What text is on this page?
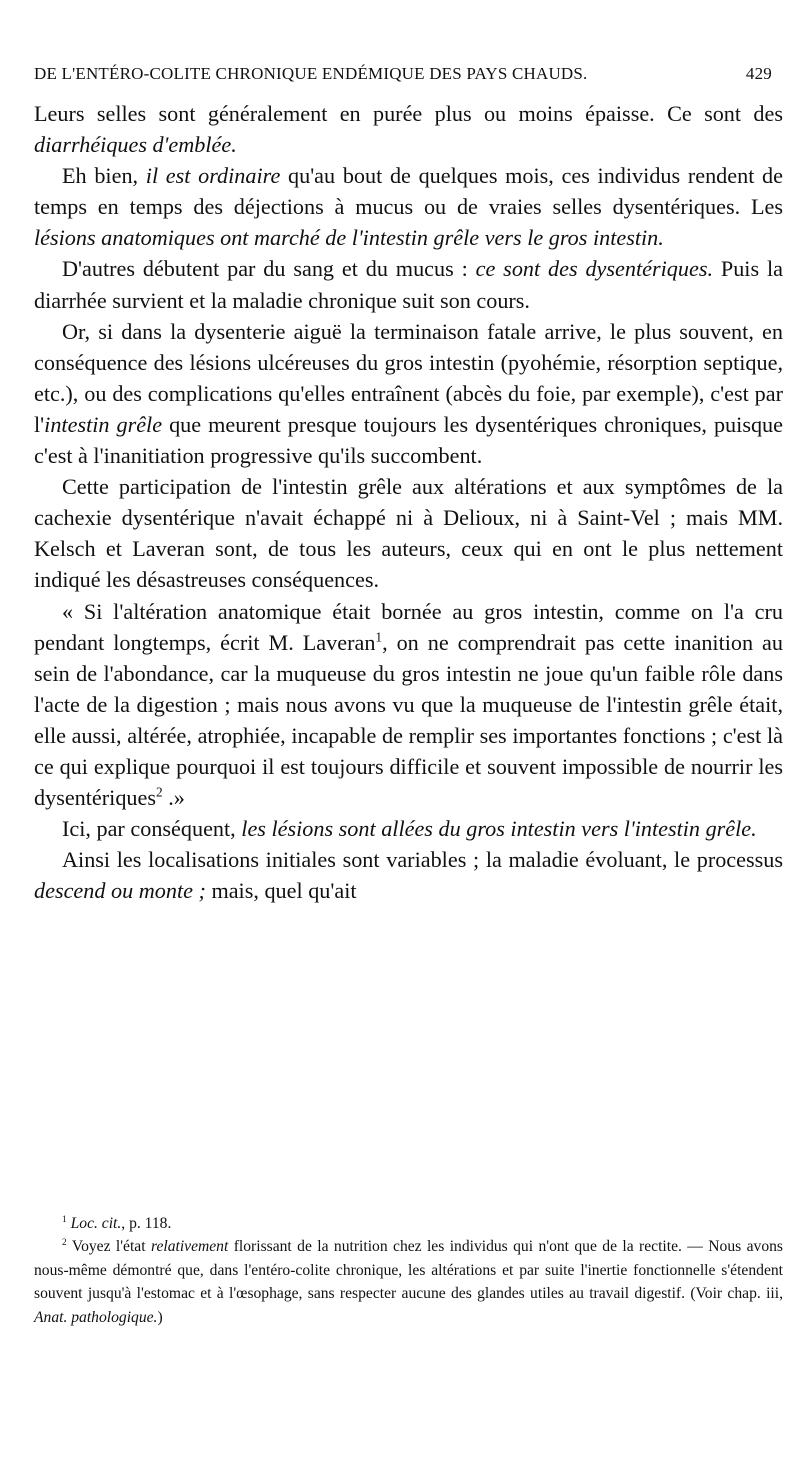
DE L'ENTÉRO-COLITE CHRONIQUE ENDÉMIQUE DES PAYS CHAUDS.	429

Leurs selles sont généralement en purée plus ou moins épaisse. Ce sont des diarrhéiques d'emblée.

Eh bien, il est ordinaire qu'au bout de quelques mois, ces individus rendent de temps en temps des déjections à mucus ou de vraies selles dysentériques. Les lésions anatomiques ont marché de l'intestin grêle vers le gros intestin.

D'autres débutent par du sang et du mucus : ce sont des dysentériques. Puis la diarrhée survient et la maladie chronique suit son cours.

Or, si dans la dysenterie aiguë la terminaison fatale arrive, le plus souvent, en conséquence des lésions ulcéreuses du gros intestin (pyohémie, résorption septique, etc.), ou des complications qu'elles entraînent (abcès du foie, par exemple), c'est par l'intestin grêle que meurent presque toujours les dysentériques chroniques, puisque c'est à l'inanitiation progressive qu'ils succombent.

Cette participation de l'intestin grêle aux altérations et aux symptômes de la cachexie dysentérique n'avait échappé ni à Delioux, ni à Saint-Vel ; mais MM. Kelsch et Laveran sont, de tous les auteurs, ceux qui en ont le plus nettement indiqué les désastreuses conséquences.

« Si l'altération anatomique était bornée au gros intestin, comme on l'a cru pendant longtemps, écrit M. Laveran$^1$, on ne comprendrait pas cette inanition au sein de l'abondance, car la muqueuse du gros intestin ne joue qu'un faible rôle dans l'acte de la digestion ; mais nous avons vu que la muqueuse de l'intestin grêle était, elle aussi, altérée, atrophiée, incapable de remplir ses importantes fonctions ; c'est là ce qui explique pourquoi il est toujours difficile et souvent impossible de nourrir les dysentériques$^2$ .»

Ici, par conséquent, les lésions sont allées du gros intestin vers l'intestin grêle.

Ainsi les localisations initiales sont variables ; la maladie évoluant, le processus descend ou monte ; mais, quel qu'ait

$^1$ Loc. cit., p. 118.

$^2$ Voyez l'état relativement florissant de la nutrition chez les individus qui n'ont que de la rectite. — Nous avons nous-même démontré que, dans l'entéro-colite chronique, les altérations et par suite l'inertie fonctionnelle s'étendent souvent jusqu'à l'estomac et à l'œsophage, sans respecter aucune des glandes utiles au travail digestif. (Voir chap. iii, Anat. pathologique.)
